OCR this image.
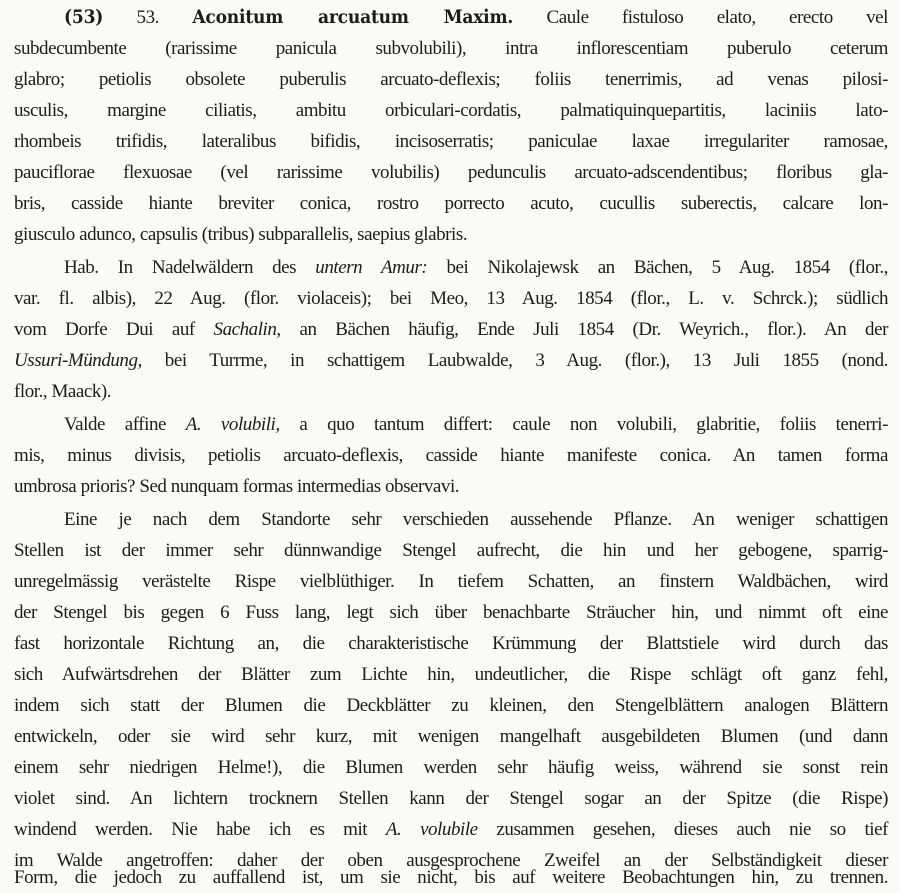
(53) 53. Aconitum arcuatum Maxim. Caule fistuloso elato, erecto vel
subdecumbente (rarissime panicula subvolubili), intra inflorescentiam puberulo ceterum
glabro; petiolis obsolete puberulis arcuato-deflexis; foliis tenerrimis, ad venas pilosi-
usculis, margine ciliatis, ambitu orbiculari-cordatis, palmatiquinquepartitis, laciniis lato-
rhombeis trifidis, lateralibus bifidis, incisoserratis; paniculae laxae irregulariter ramosae,
pauciflorae flexuosae (vel rarissime volubilis) pedunculis arcuato-adscendentibus; floribus gla-
bris, casside hiante breviter conica, rostro porrecto acuto, cucullis suberectis, calcare lon-
giusculo adunco, capsulis (tribus) subparallelis, saepius glabris.
Hab. In Nadelwäldern des untern Amur: bei Nikolajewsk an Bächen, 5 Aug. 1854 (flor.,
var. fl. albis), 22 Aug. (flor. violaceis); bei Meo, 13 Aug. 1854 (flor., L. v. Schrck.); südlich
vom Dorfe Dui auf Sachalin, an Bächen häufig, Ende Juli 1854 (Dr. Weyrich., flor.). An der
Ussuri-Mündung, bei Turrme, in schattigem Laubwalde, 3 Aug. (flor.), 13 Juli 1855 (nond.
flor., Maack).
Valde affine A. volubili, a quo tantum differt: caule non volubili, glabritie, foliis tenerri-
mis, minus divisis, petiolis arcuato-deflexis, casside hiante manifeste conica. An tamen forma
umbrosa prioris? Sed nunquam formas intermedias observavi.
Eine je nach dem Standorte sehr verschieden aussehende Pflanze. An weniger schattigen
Stellen ist der immer sehr dünnwandige Stengel aufrecht, die hin und her gebogene, sparrig-
unregelmässig verästelte Rispe vielblüthiger. In tiefem Schatten, an finstern Waldbächen, wird
der Stengel bis gegen 6 Fuss lang, legt sich über benachbarte Sträucher hin, und nimmt oft eine
fast horizontale Richtung an, die charakteristische Krümmung der Blattstiele wird durch das
sich Aufwärtsdrehen der Blätter zum Lichte hin, undeutlicher, die Rispe schlägt oft ganz fehl,
indem sich statt der Blumen die Deckblätter zu kleinen, den Stengelblättern analogen Blättern
entwickeln, oder sie wird sehr kurz, mit wenigen mangelhaft ausgebildeten Blumen (und dann
einem sehr niedrigen Helme!), die Blumen werden sehr häufig weiss, während sie sonst rein
violet sind. An lichtern trocknern Stellen kann der Stengel sogar an der Spitze (die Rispe)
windend werden. Nie habe ich es mit A. volubile zusammen gesehen, dieses auch nie so tief
im Walde angetroffen: daher der oben ausgesprochene Zweifel an der Selbständigkeit dieser
Form, die jedoch zu auffallend ist, um sie nicht, bis auf weitere Beobachtungen hin, zu trennen.
